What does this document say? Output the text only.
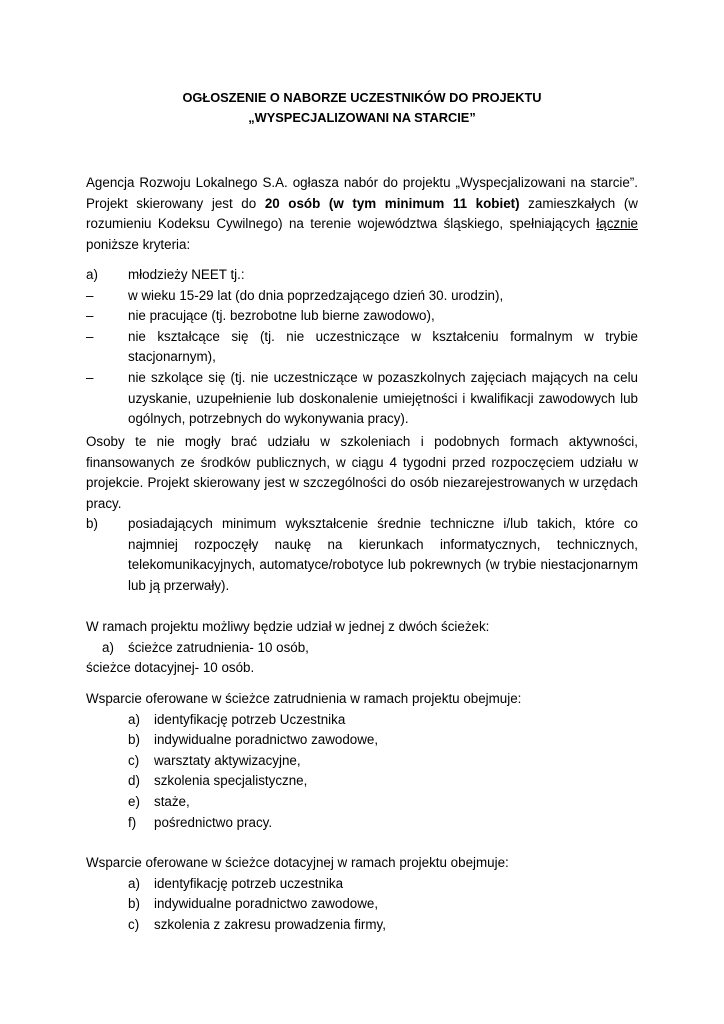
OGŁOSZENIE O NABORZE UCZESTNIKÓW DO PROJEKTU
„WYSPECJALIZOWANI NA STARCIE”
Agencja Rozwoju Lokalnego S.A. ogłasza nabór do projektu „Wyspecjalizowani na starcie”. Projekt skierowany jest do 20 osób (w tym minimum 11 kobiet) zamieszkałych (w rozumieniu Kodeksu Cywilnego) na terenie województwa śląskiego, spełniających łącznie poniższe kryteria:
a) młodzieży NEET tj.:
–	w wieku 15-29 lat (do dnia poprzedzającego dzień 30. urodzin),
–	nie pracujące (tj. bezrobotne lub bierne zawodowo),
–	nie kształcące się (tj. nie uczestniczące w kształceniu formalnym w trybie stacjonarnym),
–	nie szkolące się (tj. nie uczestniczące w pozaszkolnych zajęciach mających na celu uzyskanie, uzupełnienie lub doskonalenie umiejętności i kwalifikacji zawodowych lub ogólnych, potrzebnych do wykonywania pracy).
Osoby te nie mogły brać udziału w szkoleniach i podobnych formach aktywności, finansowanych ze środków publicznych, w ciągu 4 tygodni przed rozpoczęciem udziału w projekcie. Projekt skierowany jest w szczególności do osób niezarejestrowanych w urzędach pracy.
b) posiadających minimum wykształcenie średnie techniczne i/lub takich, które co najmniej rozpoczęły naukę na kierunkach informatycznych, technicznych, telekomunikacyjnych, automatyce/robotyce lub pokrewnych (w trybie niestacjonarnym lub ją przerwały).
W ramach projektu możliwy będzie udział w jednej z dwóch ścieżek:
a) ścieżce zatrudnienia- 10 osób,
ścieżce dotacyjnej- 10 osób.
Wsparcie oferowane w ścieżce zatrudnienia w ramach projektu obejmuje:
a) identyfikację potrzeb Uczestnika
b) indywidualne poradnictwo zawodowe,
c) warsztaty aktywizacyjne,
d) szkolenia specjalistyczne,
e) staże,
f) pośrednictwo pracy.
Wsparcie oferowane w ścieżce dotacyjnej w ramach projektu obejmuje:
a) identyfikację potrzeb uczestnika
b) indywidualne poradnictwo zawodowe,
c) szkolenia z zakresu prowadzenia firmy,
